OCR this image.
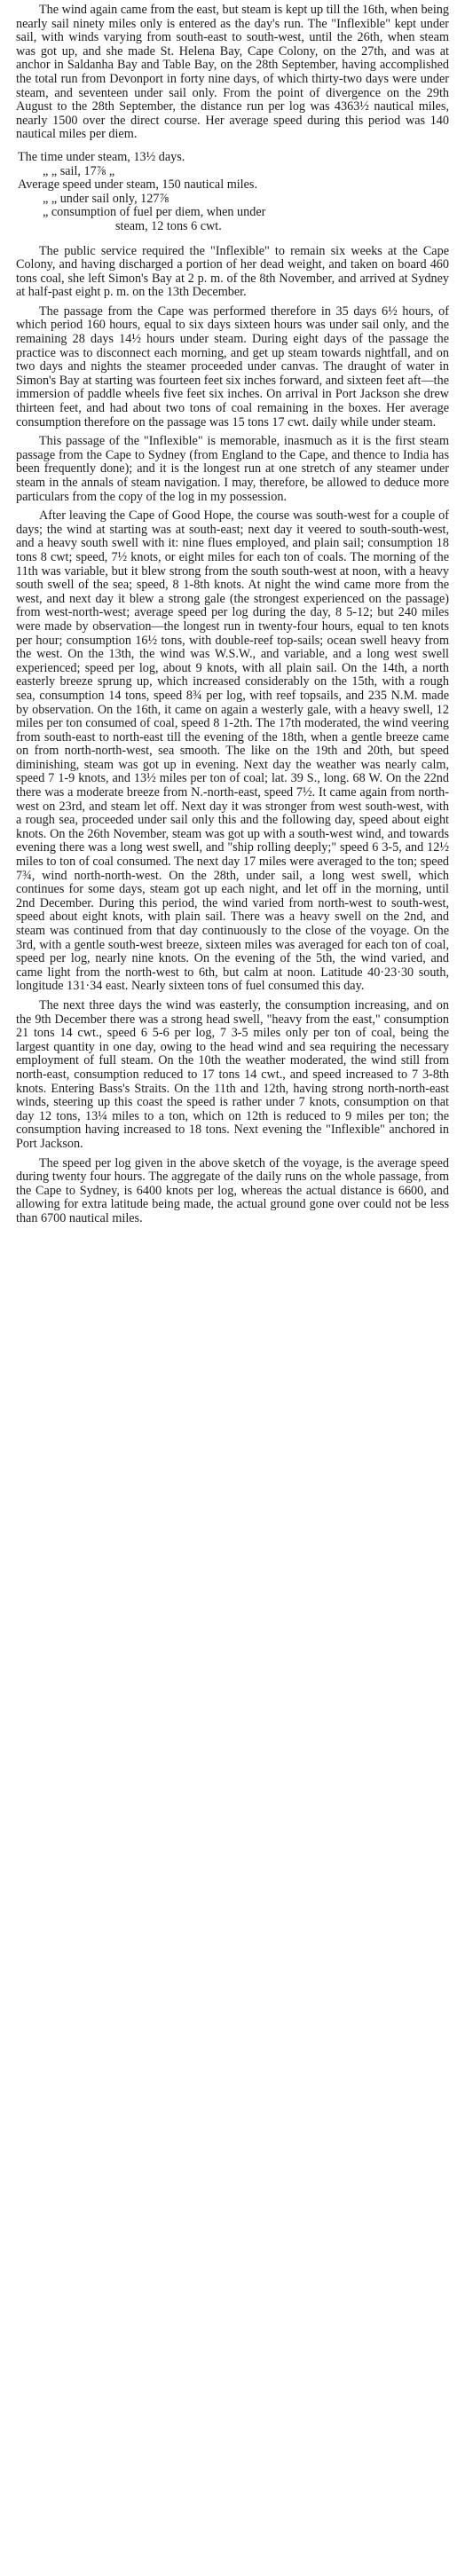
The wind again came from the east, but steam is kept up till the 16th, when being nearly sail ninety miles only is entered as the day's run. The "Inflexible" kept under sail, with winds varying from south-east to south-west, until the 26th, when steam was got up, and she made St. Helena Bay, Cape Colony, on the 27th, and was at anchor in Saldanha Bay and Table Bay, on the 28th September, having accomplished the total run from Devonport in forty nine days, of which thirty-two days were under steam, and seventeen under sail only. From the point of divergence on the 29th August to the 28th September, the distance run per log was 4363½ nautical miles, nearly 1500 over the direct course. Her average speed during this period was 140 nautical miles per diem.

The time under steam, 13½ days.

„ „ sail, 17⅞ „

Average speed under steam, 150 nautical miles.

„ „ under sail only, 127⅞

„ consumption of fuel per diem, when under

steam, 12 tons 6 cwt.

The public service required the "Inflexible" to remain six weeks at the Cape Colony, and having discharged a portion of her dead weight, and taken on board 460 tons coal, she left Simon's Bay at 2 p. m. of the 8th November, and arrived at Sydney at half-past eight p. m. on the 13th December.

The passage from the Cape was performed therefore in 35 days 6½ hours, of which period 160 hours, equal to six days sixteen hours was under sail only, and the remaining 28 days 14½ hours under steam. During eight days of the passage the practice was to disconnect each morning, and get up steam towards nightfall, and on two days and nights the steamer proceeded under canvas. The draught of water in Simon's Bay at starting was fourteen feet six inches forward, and sixteen feet aft—the immersion of paddle wheels five feet six inches. On arrival in Port Jackson she drew thirteen feet, and had about two tons of coal remaining in the boxes. Her average consumption therefore on the passage was 15 tons 17 cwt. daily while under steam.

This passage of the "Inflexible" is memorable, inasmuch as it is the first steam passage from the Cape to Sydney (from England to the Cape, and thence to India has been frequently done); and it is the longest run at one stretch of any steamer under steam in the annals of steam navigation. I may, therefore, be allowed to deduce more particulars from the copy of the log in my possession.

After leaving the Cape of Good Hope, the course was south-west for a couple of days; the wind at starting was at south-east; next day it veered to south-south-west, and a heavy south swell with it: nine flues employed, and plain sail; consumption 18 tons 8 cwt; speed, 7½ knots, or eight miles for each ton of coals. The morning of the 11th was variable, but it blew strong from the south south-west at noon, with a heavy south swell of the sea; speed, 8 1-8th knots. At night the wind came more from the west, and next day it blew a strong gale (the strongest experienced on the passage) from west-north-west; average speed per log during the day, 8 5-12; but 240 miles were made by observation—the longest run in twenty-four hours, equal to ten knots per hour; consumption 16½ tons, with double-reef top-sails; ocean swell heavy from the west. On the 13th, the wind was W.S.W., and variable, and a long west swell experienced; speed per log, about 9 knots, with all plain sail. On the 14th, a north easterly breeze sprung up, which increased considerably on the 15th, with a rough sea, consumption 14 tons, speed 8¾ per log, with reef topsails, and 235 N.M. made by observation. On the 16th, it came on again a westerly gale, with a heavy swell, 12 miles per ton consumed of coal, speed 8 1-2th. The 17th moderated, the wind veering from south-east to north-east till the evening of the 18th, when a gentle breeze came on from north-north-west, sea smooth. The like on the 19th and 20th, but speed diminishing, steam was got up in evening. Next day the weather was nearly calm, speed 7 1-9 knots, and 13½ miles per ton of coal; lat. 39 S., long. 68 W. On the 22nd there was a moderate breeze from N.-north-east, speed 7½. It came again from north-west on 23rd, and steam let off. Next day it was stronger from west south-west, with a rough sea, proceeded under sail only this and the following day, speed about eight knots. On the 26th November, steam was got up with a south-west wind, and towards evening there was a long west swell, and "ship rolling deeply;" speed 6 3-5, and 12½ miles to ton of coal consumed. The next day 17 miles were averaged to the ton; speed 7¾, wind north-north-west. On the 28th, under sail, a long west swell, which continues for some days, steam got up each night, and let off in the morning, until 2nd December. During this period, the wind varied from north-west to south-west, speed about eight knots, with plain sail. There was a heavy swell on the 2nd, and steam was continued from that day continuously to the close of the voyage. On the 3rd, with a gentle south-west breeze, sixteen miles was averaged for each ton of coal, speed per log, nearly nine knots. On the evening of the 5th, the wind varied, and came light from the north-west to 6th, but calm at noon. Latitude 40·23·30 south, longitude 131·34 east. Nearly sixteen tons of fuel consumed this day.

The next three days the wind was easterly, the consumption increasing, and on the 9th December there was a strong head swell, "heavy from the east," consumption 21 tons 14 cwt., speed 6 5-6 per log, 7 3-5 miles only per ton of coal, being the largest quantity in one day, owing to the head wind and sea requiring the necessary employment of full steam. On the 10th the weather moderated, the wind still from north-east, consumption reduced to 17 tons 14 cwt., and speed increased to 7 3-8th knots. Entering Bass's Straits. On the 11th and 12th, having strong north-north-east winds, steering up this coast the speed is rather under 7 knots, consumption on that day 12 tons, 13¼ miles to a ton, which on 12th is reduced to 9 miles per ton; the consumption having increased to 18 tons. Next evening the "Inflexible" anchored in Port Jackson.

The speed per log given in the above sketch of the voyage, is the average speed during twenty four hours. The aggregate of the daily runs on the whole passage, from the Cape to Sydney, is 6400 knots per log, whereas the actual distance is 6600, and allowing for extra latitude being made, the actual ground gone over could not be less than 6700 nautical miles.
